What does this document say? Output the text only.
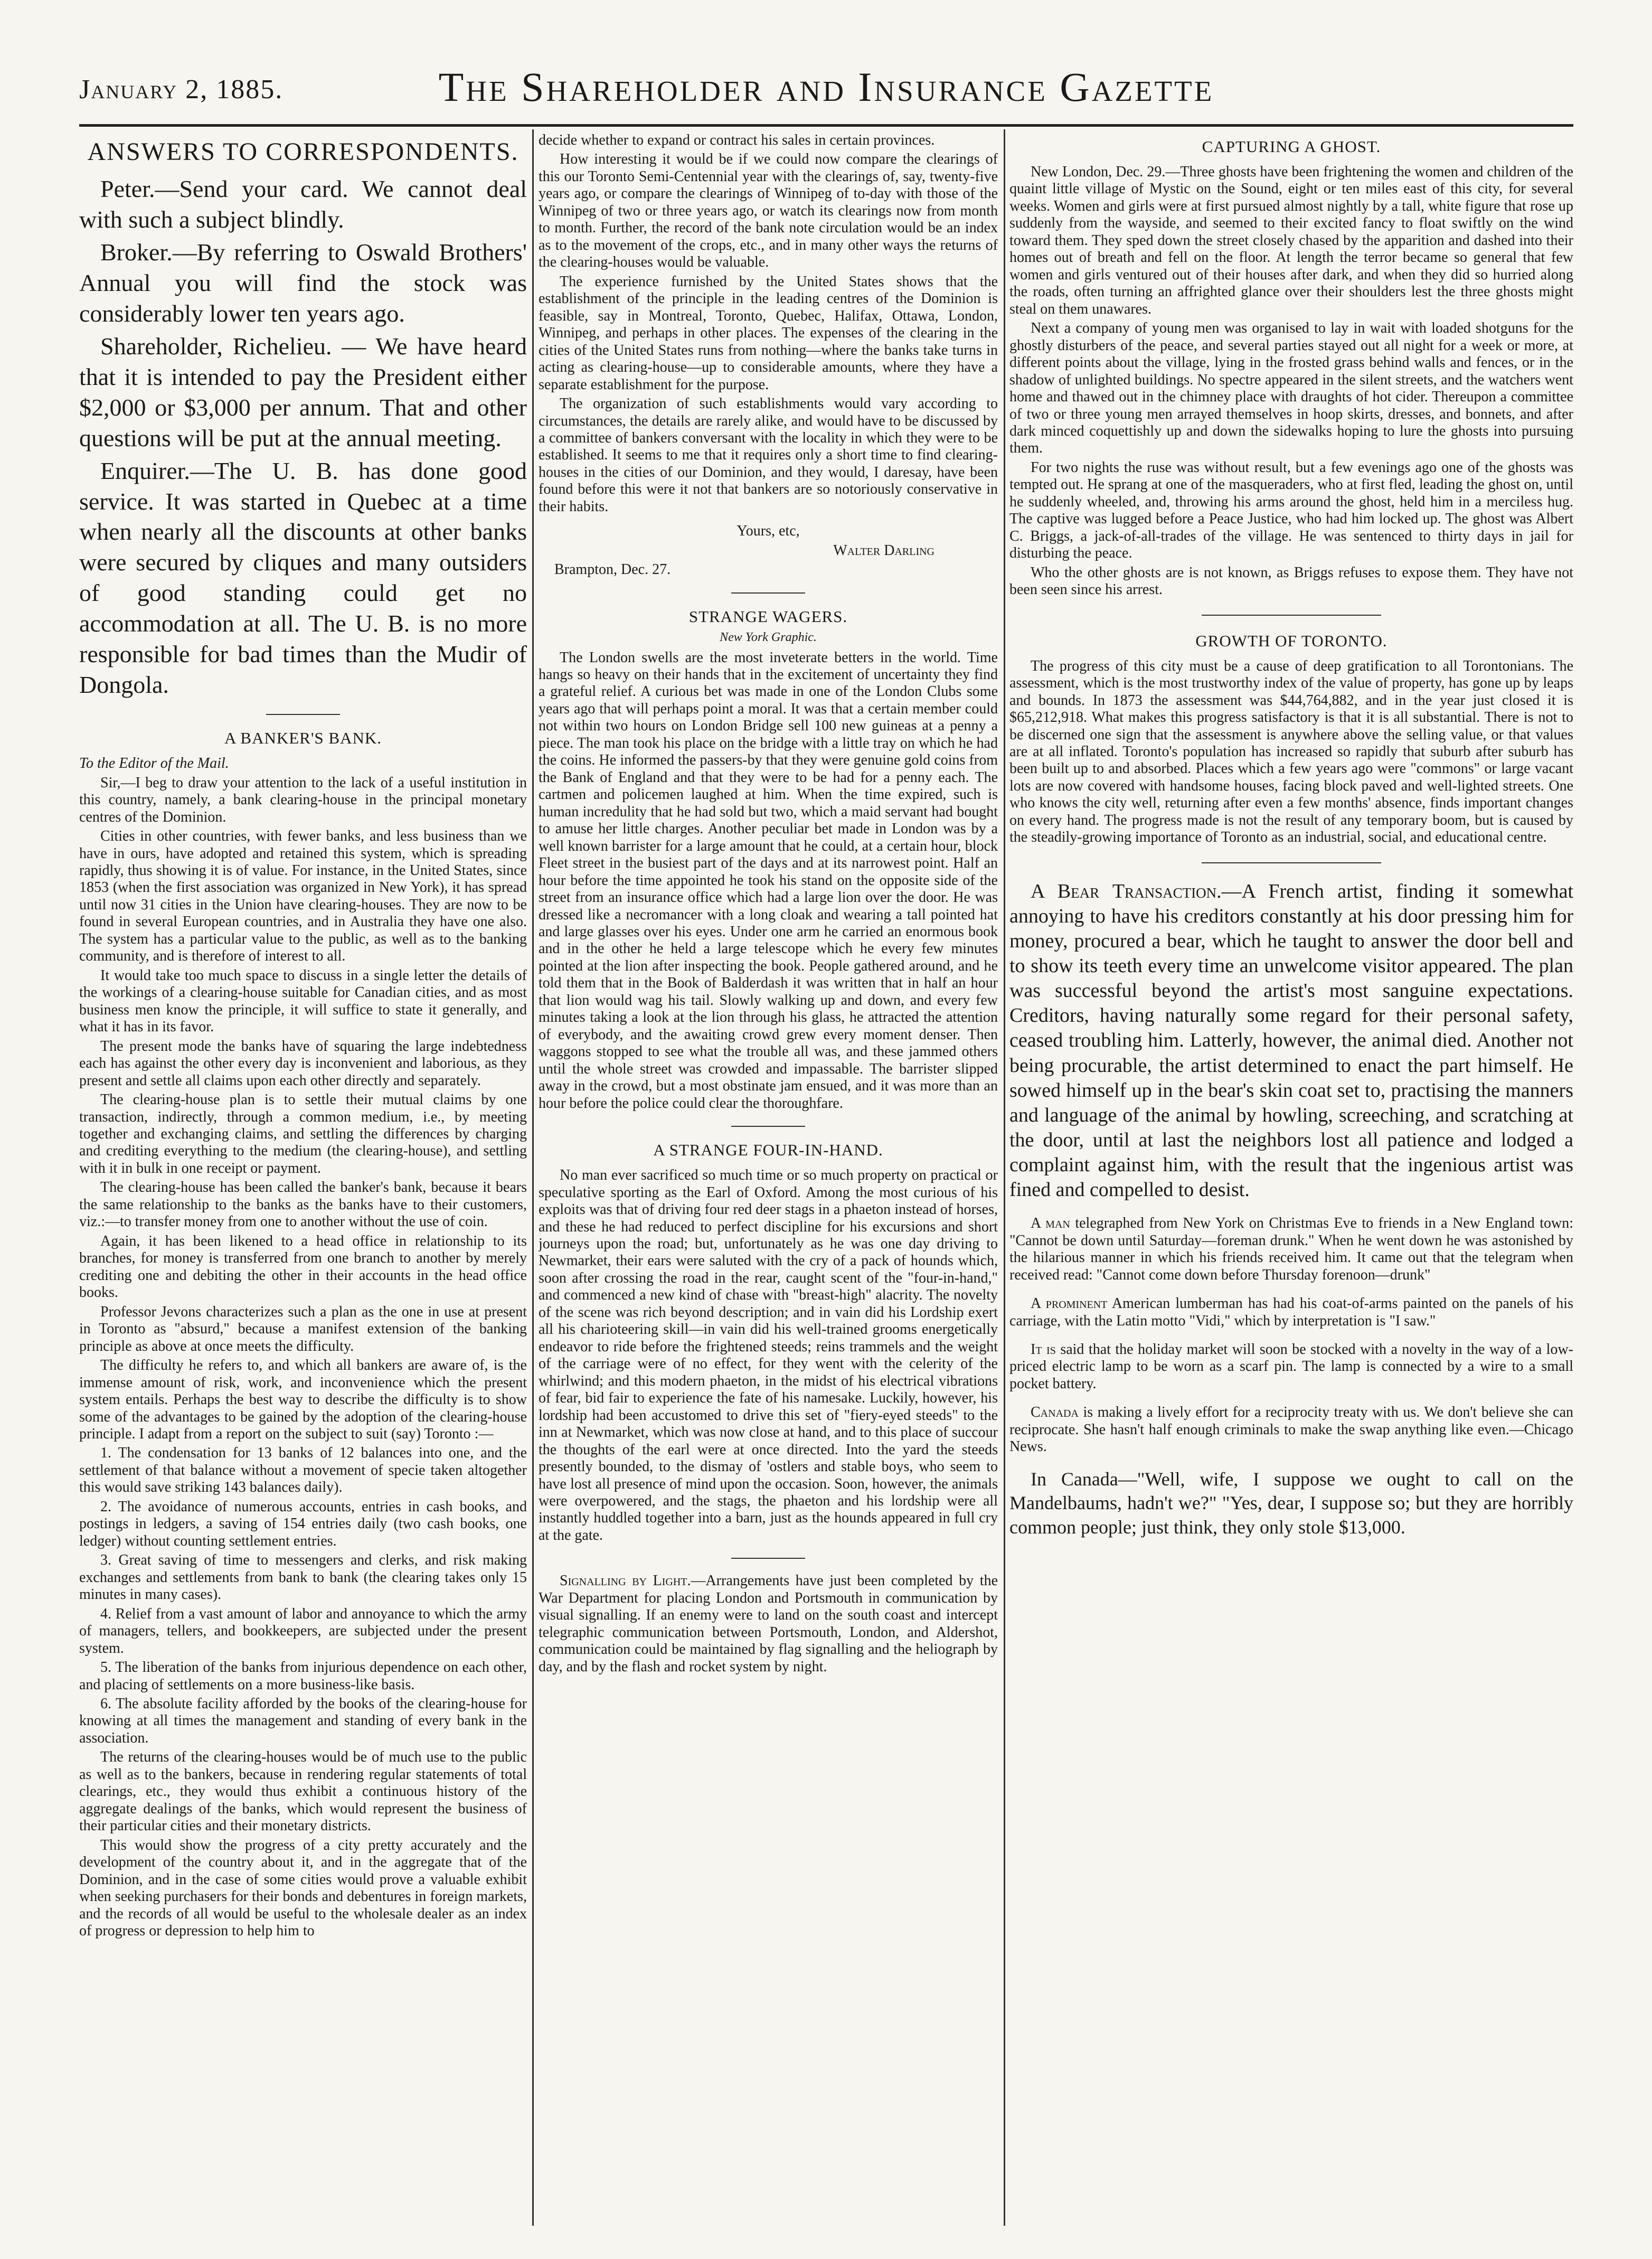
The Shareholder and Insurance Gazette
January 2, 1885.
ANSWERS TO CORRESPONDENTS.

Peter.—Send your card. We cannot deal with such a subject blindly.

Broker.—By referring to Oswald Brothers' Annual you will find the stock was considerably lower ten years ago.

Shareholder, Richelieu. — We have heard that it is intended to pay the President either $2,000 or $3,000 per annum. That and other questions will be put at the annual meeting.

Enquirer.—The U. B. has done good service. It was started in Quebec at a time when nearly all the discounts at other banks were secured by cliques and many outsiders of good standing could get no accommodation at all. The U. B. is no more responsible for bad times than the Mudir of Dongola.

A BANKER'S BANK.

To the Editor of the Mail.

Sir,—I beg to draw your attention to the lack of a useful institution in this country, namely, a bank clearing-house in the principal monetary centres of the Dominion.

Cities in other countries, with fewer banks, and less business than we have in ours, have adopted and retained this system, which is spreading rapidly, thus showing it is of value. For instance, in the United States, since 1853 (when the first association was organized in New York), it has spread until now 31 cities in the Union have clearing-houses. They are now to be found in several European countries, and in Australia they have one also. The system has a particular value to the public, as well as to the banking community, and is therefore of interest to all.

It would take too much space to discuss in a single letter the details of the workings of a clearing-house suitable for Canadian cities, and as most business men know the principle, it will suffice to state it generally, and what it has in its favor.

The present mode the banks have of squaring the large indebtedness each has against the other every day is inconvenient and laborious, as they present and settle all claims upon each other directly and separately.

The clearing-house plan is to settle their mutual claims by one transaction, indirectly, through a common medium, i.e., by meeting together and exchanging claims, and settling the differences by charging and crediting everything to the medium (the clearing-house), and settling with it in bulk in one receipt or payment.

The clearing-house has been called the banker's bank, because it bears the same relationship to the banks as the banks have to their customers, viz.:—to transfer money from one to another without the use of coin.

Again, it has been likened to a head office in relationship to its branches, for money is transferred from one branch to another by merely crediting one and debiting the other in their accounts in the head office books.

Professor Jevons characterizes such a plan as the one in use at present in Toronto as "absurd," because a manifest extension of the banking principle as above at once meets the difficulty.

The difficulty he refers to, and which all bankers are aware of, is the immense amount of risk, work, and inconvenience which the present system entails. Perhaps the best way to describe the difficulty is to show some of the advantages to be gained by the adoption of the clearing-house principle. I adapt from a report on the subject to suit (say) Toronto :—

1. The condensation for 13 banks of 12 balances into one, and the settlement of that balance without a movement of specie taken altogether this would save striking 143 balances daily).

2. The avoidance of numerous accounts, entries in cash books, and postings in ledgers, a saving of 154 entries daily (two cash books, one ledger) without counting settlement entries.

3. Great saving of time to messengers and clerks, and risk making exchanges and settlements from bank to bank (the clearing takes only 15 minutes in many cases).

4. Relief from a vast amount of labor and annoyance to which the army of managers, tellers, and bookkeepers, are subjected under the present system.

5. The liberation of the banks from injurious dependence on each other, and placing of settlements on a more business-like basis.

6. The absolute facility afforded by the books of the clearing-house for knowing at all times the management and standing of every bank in the association.

The returns of the clearing-houses would be of much use to the public as well as to the bankers, because in rendering regular statements of total clearings, etc., they would thus exhibit a continuous history of the aggregate dealings of the banks, which would represent the business of their particular cities and their monetary districts.

This would show the progress of a city pretty accurately and the development of the country about it, and in the aggregate that of the Dominion, and in the case of some cities would prove a valuable exhibit when seeking purchasers for their bonds and debentures in foreign markets, and the records of all would be useful to the wholesale dealer as an index of progress or depression to help him to

decide whether to expand or contract his sales in certain provinces.

How interesting it would be if we could now compare the clearings of this our Toronto Semi-Centennial year with the clearings of, say, twenty-five years ago, or compare the clearings of Winnipeg of to-day with those of the Winnipeg of two or three years ago, or watch its clearings now from month to month. Further, the record of the bank note circulation would be an index as to the movement of the crops, etc., and in many other ways the returns of the clearing-houses would be valuable.

The experience furnished by the United States shows that the establishment of the principle in the leading centres of the Dominion is feasible, say in Montreal, Toronto, Quebec, Halifax, Ottawa, London, Winnipeg, and perhaps in other places. The expenses of the clearing in the cities of the United States runs from nothing—where the banks take turns in acting as clearing-house—up to considerable amounts, where they have a separate establishment for the purpose.

The organization of such establishments would vary according to circumstances, the details are rarely alike, and would have to be discussed by a committee of bankers conversant with the locality in which they were to be established. It seems to me that it requires only a short time to find clearing-houses in the cities of our Dominion, and they would, I daresay, have been found before this were it not that bankers are so notoriously conservative in their habits.

Yours, etc,

Walter Darling

Brampton, Dec. 27.

STRANGE WAGERS.

New York Graphic.

The London swells are the most inveterate betters in the world. Time hangs so heavy on their hands that in the excitement of uncertainty they find a grateful relief. A curious bet was made in one of the London Clubs some years ago that will perhaps point a moral. It was that a certain member could not within two hours on London Bridge sell 100 new guineas at a penny a piece. The man took his place on the bridge with a little tray on which he had the coins. He informed the passers-by that they were genuine gold coins from the Bank of England and that they were to be had for a penny each. The cartmen and policemen laughed at him. When the time expired, such is human incredulity that he had sold but two, which a maid servant had bought to amuse her little charges. Another peculiar bet made in London was by a well known barrister for a large amount that he could, at a certain hour, block Fleet street in the busiest part of the days and at its narrowest point. Half an hour before the time appointed he took his stand on the opposite side of the street from an insurance office which had a large lion over the door. He was dressed like a necromancer with a long cloak and wearing a tall pointed hat and large glasses over his eyes. Under one arm he carried an enormous book and in the other he held a large telescope which he every few minutes pointed at the lion after inspecting the book. People gathered around, and he told them that in the Book of Balderdash it was written that in half an hour that lion would wag his tail. Slowly walking up and down, and every few minutes taking a look at the lion through his glass, he attracted the attention of everybody, and the awaiting crowd grew every moment denser. Then waggons stopped to see what the trouble all was, and these jammed others until the whole street was crowded and impassable. The barrister slipped away in the crowd, but a most obstinate jam ensued, and it was more than an hour before the police could clear the thoroughfare.

A STRANGE FOUR-IN-HAND.

No man ever sacrificed so much time or so much property on practical or speculative sporting as the Earl of Oxford. Among the most curious of his exploits was that of driving four red deer stags in a phaeton instead of horses, and these he had reduced to perfect discipline for his excursions and short journeys upon the road; but, unfortunately as he was one day driving to Newmarket, their ears were saluted with the cry of a pack of hounds which, soon after crossing the road in the rear, caught scent of the "four-in-hand," and commenced a new kind of chase with "breast-high" alacrity. The novelty of the scene was rich beyond description; and in vain did his Lordship exert all his charioteering skill—in vain did his well-trained grooms energetically endeavor to ride before the frightened steeds; reins trammels and the weight of the carriage were of no effect, for they went with the celerity of the whirlwind; and this modern phaeton, in the midst of his electrical vibrations of fear, bid fair to experience the fate of his namesake. Luckily, however, his lordship had been accustomed to drive this set of "fiery-eyed steeds" to the inn at Newmarket, which was now close at hand, and to this place of succour the thoughts of the earl were at once directed. Into the yard the steeds presently bounded, to the dismay of 'ostlers and stable boys, who seem to have lost all presence of mind upon the occasion. Soon, however, the animals were overpowered, and the stags, the phaeton and his lordship were all instantly huddled together into a barn, just as the hounds appeared in full cry at the gate.

Signalling by Light.—Arrangements have just been completed by the War Department for placing London and Portsmouth in communication by visual signalling. If an enemy were to land on the south coast and intercept telegraphic communication between Portsmouth, London, and Aldershot, communication could be maintained by flag signalling and the heliograph by day, and by the flash and rocket system by night.

CAPTURING A GHOST.

New London, Dec. 29.—Three ghosts have been frightening the women and children of the quaint little village of Mystic on the Sound, eight or ten miles east of this city, for several weeks. Women and girls were at first pursued almost nightly by a tall, white figure that rose up suddenly from the wayside, and seemed to their excited fancy to float swiftly on the wind toward them. They sped down the street closely chased by the apparition and dashed into their homes out of breath and fell on the floor. At length the terror became so general that few women and girls ventured out of their houses after dark, and when they did so hurried along the roads, often turning an affrighted glance over their shoulders lest the three ghosts might steal on them unawares.

Next a company of young men was organised to lay in wait with loaded shotguns for the ghostly disturbers of the peace, and several parties stayed out all night for a week or more, at different points about the village, lying in the frosted grass behind walls and fences, or in the shadow of unlighted buildings. No spectre appeared in the silent streets, and the watchers went home and thawed out in the chimney place with draughts of hot cider. Thereupon a committee of two or three young men arrayed themselves in hoop skirts, dresses, and bonnets, and after dark minced coquettishly up and down the sidewalks hoping to lure the ghosts into pursuing them.

For two nights the ruse was without result, but a few evenings ago one of the ghosts was tempted out. He sprang at one of the masqueraders, who at first fled, leading the ghost on, until he suddenly wheeled, and, throwing his arms around the ghost, held him in a merciless hug. The captive was lugged before a Peace Justice, who had him locked up. The ghost was Albert C. Briggs, a jack-of-all-trades of the village. He was sentenced to thirty days in jail for disturbing the peace.

Who the other ghosts are is not known, as Briggs refuses to expose them. They have not been seen since his arrest.

GROWTH OF TORONTO.

The progress of this city must be a cause of deep gratification to all Torontonians. The assessment, which is the most trustworthy index of the value of property, has gone up by leaps and bounds. In 1873 the assessment was $44,764,882, and in the year just closed it is $65,212,918. What makes this progress satisfactory is that it is all substantial. There is not to be discerned one sign that the assessment is anywhere above the selling value, or that values are at all inflated. Toronto's population has increased so rapidly that suburb after suburb has been built up to and absorbed. Places which a few years ago were "commons" or large vacant lots are now covered with handsome houses, facing block paved and well-lighted streets. One who knows the city well, returning after even a few months' absence, finds important changes on every hand. The progress made is not the result of any temporary boom, but is caused by the steadily-growing importance of Toronto as an industrial, social, and educational centre.

A Bear Transaction.—A French artist, finding it somewhat annoying to have his creditors constantly at his door pressing him for money, procured a bear, which he taught to answer the door bell and to show its teeth every time an unwelcome visitor appeared. The plan was successful beyond the artist's most sanguine expectations. Creditors, having naturally some regard for their personal safety, ceased troubling him. Latterly, however, the animal died. Another not being procurable, the artist determined to enact the part himself. He sowed himself up in the bear's skin coat set to, practising the manners and language of the animal by howling, screeching, and scratching at the door, until at last the neighbors lost all patience and lodged a complaint against him, with the result that the ingenious artist was fined and compelled to desist.

A man telegraphed from New York on Christmas Eve to friends in a New England town: "Cannot be down until Saturday—foreman drunk." When he went down he was astonished by the hilarious manner in which his friends received him. It came out that the telegram when received read: "Cannot come down before Thursday forenoon—drunk"

A prominent American lumberman has had his coat-of-arms painted on the panels of his carriage, with the Latin motto "Vidi," which by interpretation is "I saw."

It is said that the holiday market will soon be stocked with a novelty in the way of a low-priced electric lamp to be worn as a scarf pin. The lamp is connected by a wire to a small pocket battery.

Canada is making a lively effort for a reciprocity treaty with us. We don't believe she can reciprocate. She hasn't half enough criminals to make the swap anything like even.—Chicago News.

In Canada—"Well, wife, I suppose we ought to call on the Mandelbaums, hadn't we?" "Yes, dear, I suppose so; but they are horribly common people; just think, they only stole $13,000.
